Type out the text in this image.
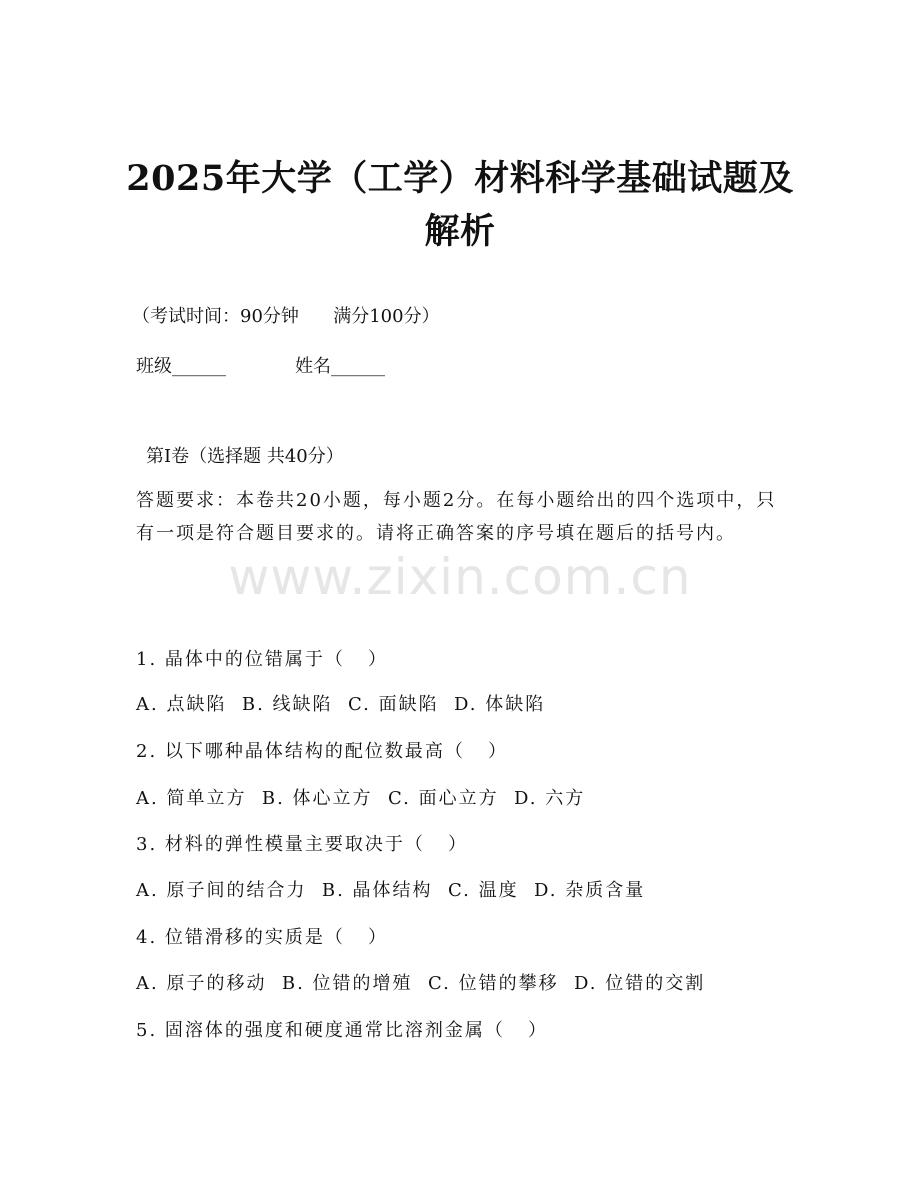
2025年大学（工学）材料科学基础试题及解析
（考试时间：90分钟      满分100分）
班级______	姓名______
第Ⅰ卷（选择题 共40分）
答题要求：本卷共20小题，每小题2分。在每小题给出的四个选项中，只有一项是符合题目要求的。请将正确答案的序号填在题后的括号内。
www.zixin.com.cn
1. 晶体中的位错属于（   ）
A. 点缺陷  B. 线缺陷  C. 面缺陷  D. 体缺陷
2. 以下哪种晶体结构的配位数最高（   ）
A. 简单立方  B. 体心立方  C. 面心立方  D. 六方
3. 材料的弹性模量主要取决于（   ）
A. 原子间的结合力  B. 晶体结构  C. 温度  D. 杂质含量
4. 位错滑移的实质是（   ）
A. 原子的移动  B. 位错的增殖  C. 位错的攀移  D. 位错的交割
5. 固溶体的强度和硬度通常比溶剂金属（   ）
